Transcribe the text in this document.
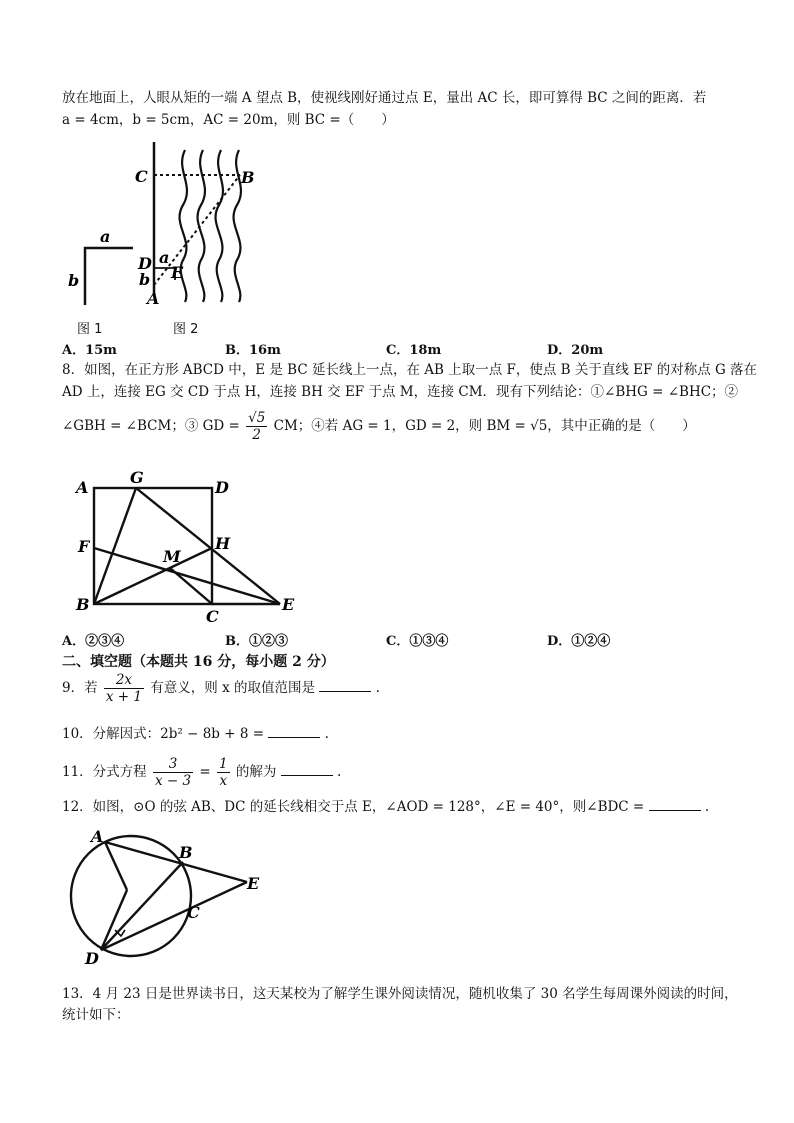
放在地面上，人眼从矩的一端 A 望点 B，使视线刚好通过点 E，量出 AC 长，即可算得 BC 之间的距离．若
a = 4cm，b = 5cm，AC = 20m，则 BC =（　　）
a
b
C	B
D
b
a
E
A
图 1	图 2
A．15m	B．16m	C．18m	D．20m
8．如图，在正方形 ABCD 中，E 是 BC 延长线上一点，在 AB 上取一点 F，使点 B 关于直线 EF 的对称点 G 落在
AD 上，连接 EG 交 CD 于点 H，连接 BH 交 EF 于点 M，连接 CM．现有下列结论：①∠BHG = ∠BHC；②
∠GBH = ∠BCM；③ GD = $\frac{√5}{2}$ CM；④若 AG = 1，GD = 2，则 BM = √5，其中正确的是（　　）
A
G
D
F	H
M
B
C
E
A．②③④	B．①②③	C．①③④	D．①②④
二、填空题（本题共 16 分，每小题 2 分）
9．若 $\frac{2x}{x + 1}$ 有意义，则 x 的取值范围是	.
10．分解因式：2b² − 8b + 8 =	.
11．分式方程 $\frac{3}{x - 3} = \frac{1}{x}$ 的解为	.
12．如图，⊙O 的弦 AB、DC 的延长线相交于点 E，∠AOD = 128°，∠E = 40°，则∠BDC =	.
A
B
E
C
D
13．4 月 23 日是世界读书日，这天某校为了解学生课外阅读情况，随机收集了 30 名学生每周课外阅读的时间，
统计如下：
